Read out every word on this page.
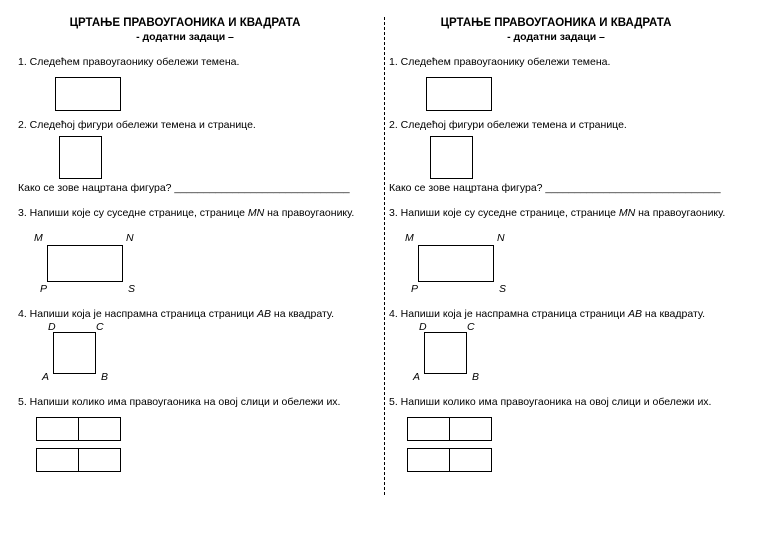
ЦРТАЊЕ ПРАВОУГАОНИКА И КВАДРАТА
- додатни задаци –
1. Следећем правоугаонику обележи темена.
2. Следећој фигури обележи темена и странице.
Како се зове нацртана фигура? ______________________________
3. Напиши које су суседне странице, странице MN на правоугаонику.
M	N
P	S
4. Напиши која је наспрамна страница страници AB на квадрату.
D	C
A	B
5. Напиши колико има правоугаоника на овој слици и обележи их.
ЦРТАЊЕ ПРАВОУГАОНИКА И КВАДРАТА
- додатни задаци –
1. Следећем правоугаонику обележи темена.
2. Следећој фигури обележи темена и странице.
Како се зове нацртана фигура? ______________________________
3. Напиши које су суседне странице, странице MN на правоугаонику.
M	N
P	S
4. Напиши која је наспрамна страница страници AB на квадрату.
D	C
A	B
5. Напиши колико има правоугаоника на овој слици и обележи их.
